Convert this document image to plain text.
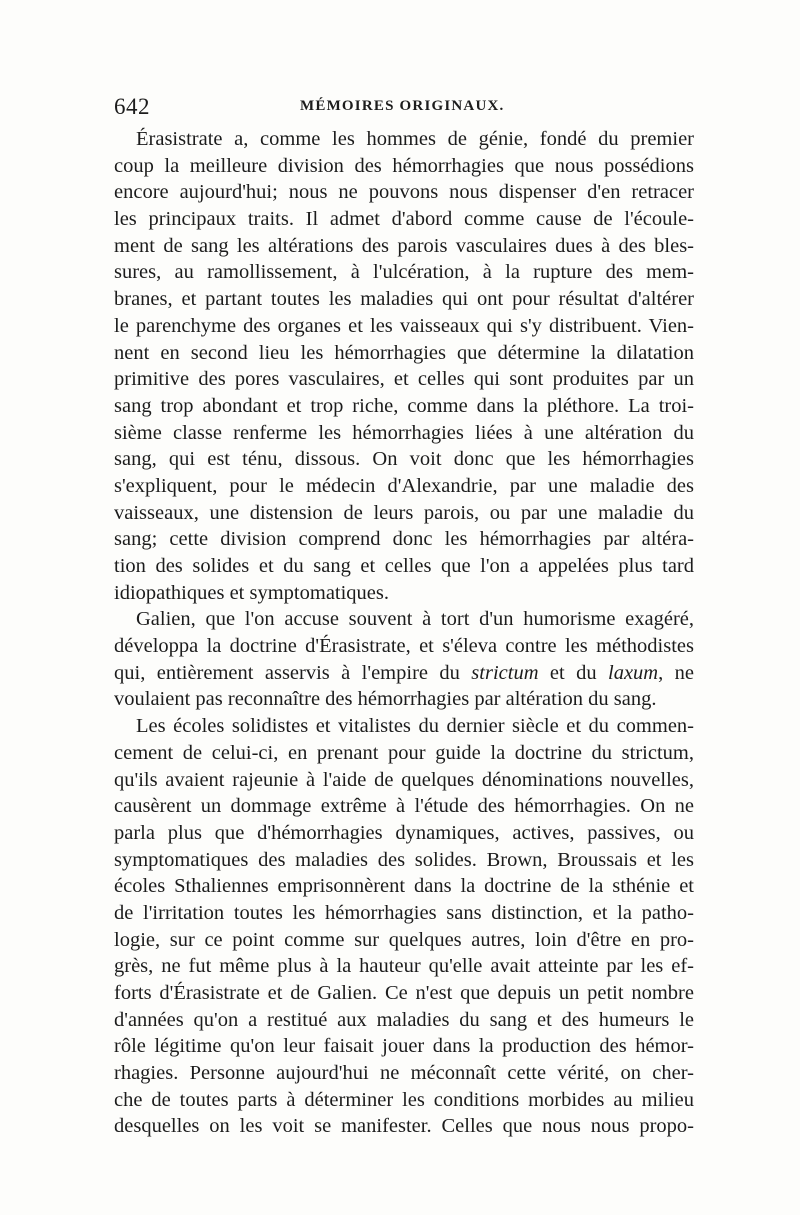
642	MÉMOIRES ORIGINAUX.
Érasistrate a, comme les hommes de génie, fondé du premier
coup la meilleure division des hémorrhagies que nous possédions
encore aujourd'hui; nous ne pouvons nous dispenser d'en retracer
les principaux traits. Il admet d'abord comme cause de l'écoule-
ment de sang les altérations des parois vasculaires dues à des bles-
sures, au ramollissement, à l'ulcération, à la rupture des mem-
branes, et partant toutes les maladies qui ont pour résultat d'altérer
le parenchyme des organes et les vaisseaux qui s'y distribuent. Vien-
nent en second lieu les hémorrhagies que détermine la dilatation
primitive des pores vasculaires, et celles qui sont produites par un
sang trop abondant et trop riche, comme dans la pléthore. La troi-
sième classe renferme les hémorrhagies liées à une altération du
sang, qui est ténu, dissous. On voit donc que les hémorrhagies
s'expliquent, pour le médecin d'Alexandrie, par une maladie des
vaisseaux, une distension de leurs parois, ou par une maladie du
sang; cette division comprend donc les hémorrhagies par altéra-
tion des solides et du sang et celles que l'on a appelées plus tard
idiopathiques et symptomatiques.
Galien, que l'on accuse souvent à tort d'un humorisme exagéré,
développa la doctrine d'Érasistrate, et s'éleva contre les méthodistes
qui, entièrement asservis à l'empire du strictum et du laxum, ne
voulaient pas reconnaître des hémorrhagies par altération du sang.
Les écoles solidistes et vitalistes du dernier siècle et du commen-
cement de celui-ci, en prenant pour guide la doctrine du strictum,
qu'ils avaient rajeunie à l'aide de quelques dénominations nouvelles,
causèrent un dommage extrême à l'étude des hémorrhagies. On ne
parla plus que d'hémorrhagies dynamiques, actives, passives, ou
symptomatiques des maladies des solides. Brown, Broussais et les
écoles Sthaliennes emprisonnèrent dans la doctrine de la sthénie et
de l'irritation toutes les hémorrhagies sans distinction, et la patho-
logie, sur ce point comme sur quelques autres, loin d'être en pro-
grès, ne fut même plus à la hauteur qu'elle avait atteinte par les ef-
forts d'Érasistrate et de Galien. Ce n'est que depuis un petit nombre
d'années qu'on a restitué aux maladies du sang et des humeurs le
rôle légitime qu'on leur faisait jouer dans la production des hémor-
rhagies. Personne aujourd'hui ne méconnaît cette vérité, on cher-
che de toutes parts à déterminer les conditions morbides au milieu
desquelles on les voit se manifester. Celles que nous nous propo-
